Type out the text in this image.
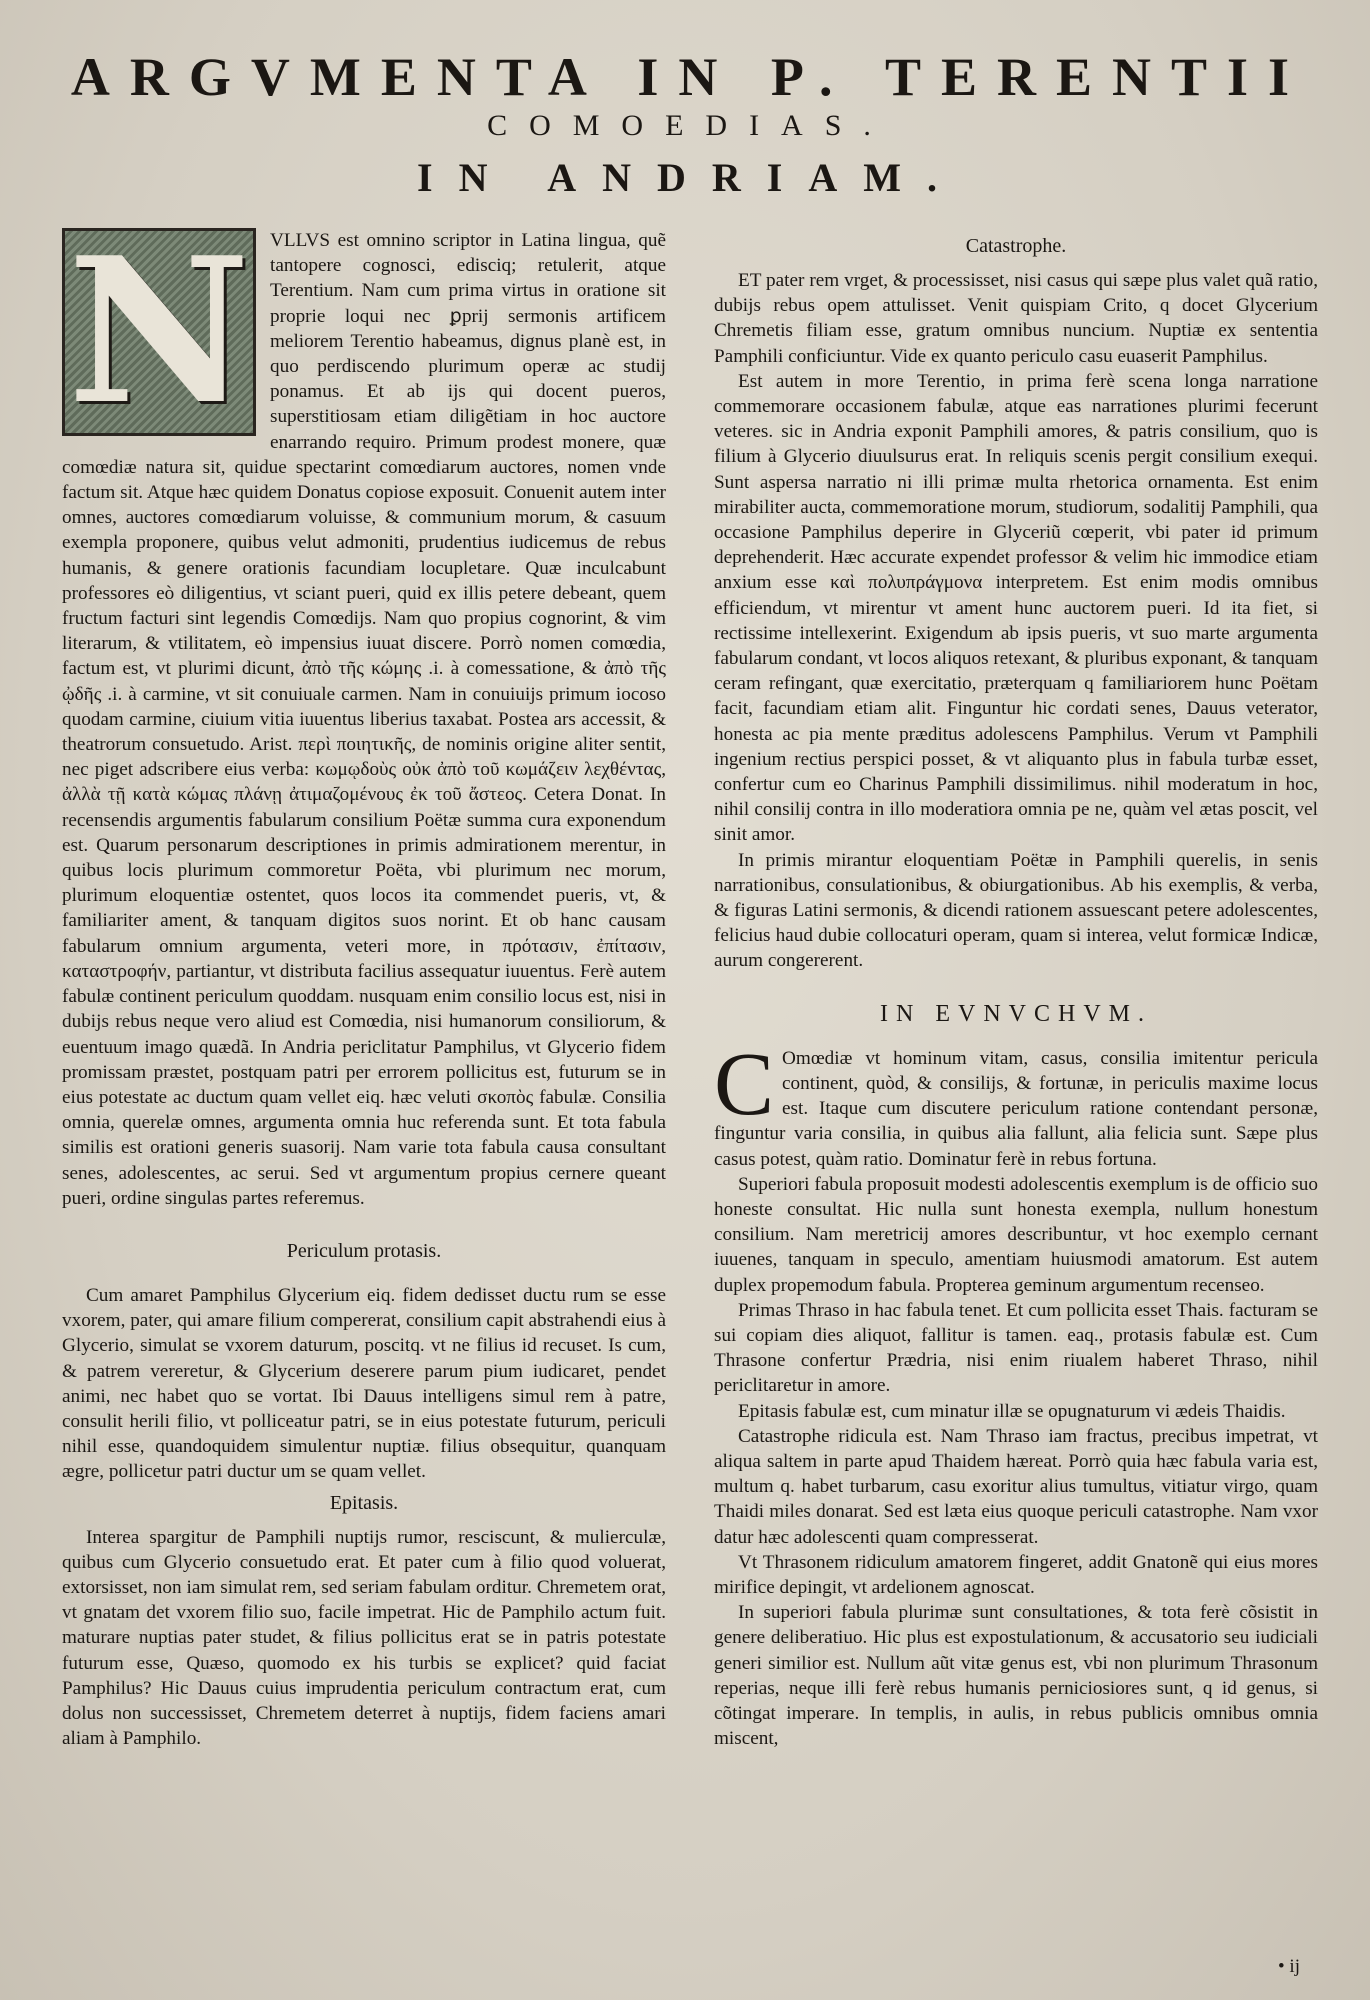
ARGVMENTA IN P. TERENTII
COMOEDIAS.
IN ANDRIAM.
N	VLLVS est omnino scriptor in Latina lingua, quẽ tantopere cognosci, edisciq; retulerit, atque Terentium. Nam cum prima virtus in oratione sit proprie loqui nec ꝑprij sermonis artificem meliorem Terentio habeamus, dignus planè est, in quo perdiscendo plurimum operæ ac studij ponamus. Et ab ijs qui docent pueros, superstitiosam etiam diligẽtiam in hoc auctore enarrando requiro. Primum prodest monere, quæ comœdiæ natura sit, quidue spectarint comœdiarum auctores, nomen vnde factum sit. Atque hæc quidem Donatus copiose exposuit. Conuenit autem inter omnes, auctores comœdiarum voluisse, & communium morum, & casuum exempla proponere, quibus velut admoniti, prudentius iudicemus de rebus humanis, & genere orationis facundiam locupletare. Quæ inculcabunt professores eò diligentius, vt sciant pueri, quid ex illis petere debeant, quem fructum facturi sint legendis Comœdijs. Nam quo propius cognorint, & vim literarum, & vtilitatem, eò impensius iuuat discere. Porrò nomen comœdia, factum est, vt plurimi dicunt, ἀπὸ τῆς κώμης .i. à comessatione, & ἀπὸ τῆς ᾠδῆς .i. à carmine, vt sit conuiuale carmen. Nam in conuiuijs primum iocoso quodam carmine, ciuium vitia iuuentus liberius taxabat. Postea ars accessit, & theatrorum consuetudo. Arist. περὶ ποιητικῆς, de nominis origine aliter sentit, nec piget adscribere eius verba: κωμῳδοὺς οὐκ ἀπὸ τοῦ κωμάζειν λεχθέντας, ἀλλὰ τῇ κατὰ κώμας πλάνῃ ἀτιμαζομένους ἐκ τοῦ ἄστεος. Cetera Donat. In recensendis argumentis fabularum consilium Poëtæ summa cura exponendum est. Quarum personarum descriptiones in primis admirationem merentur, in quibus locis plurimum commoretur Poëta, vbi plurimum nec morum, plurimum eloquentiæ ostentet, quos locos ita commendet pueris, vt, & familiariter ament, & tanquam digitos suos norint. Et ob hanc causam fabularum omnium argumenta, veteri more, in πρότασιν, ἐπίτασιν, καταστροφήν, partiantur, vt distributa facilius assequatur iuuentus. Ferè autem fabulæ continent periculum quoddam. nusquam enim consilio locus est, nisi in dubijs rebus neque vero aliud est Comœdia, nisi humanorum consiliorum, & euentuum imago quædã. In Andria periclitatur Pamphilus, vt Glycerio fidem promissam præstet, postquam patri per errorem pollicitus est, futurum se in eius potestate ac ductum quam vellet eiq. hæc veluti σκοπὸς fabulæ. Consilia omnia, querelæ omnes, argumenta omnia huc referenda sunt. Et tota fabula similis est orationi generis suasorij. Nam varie tota fabula causa consultant senes, adolescentes, ac serui. Sed vt argumentum propius cernere queant pueri, ordine singulas partes referemus.

Periculum protasis.

Cum amaret Pamphilus Glycerium eiq. fidem dedisset ductu rum se esse vxorem, pater, qui amare filium compererat, consilium capit abstrahendi eius à Glycerio, simulat se vxorem daturum, poscitq. vt ne filius id recuset. Is cum, & patrem vereretur, & Glycerium deserere parum pium iudicaret, pendet animi, nec habet quo se vortat. Ibi Dauus intelligens simul rem à patre, consulit herili filio, vt polliceatur patri, se in eius potestate futurum, periculi nihil esse, quandoquidem simulentur nuptiæ. filius obsequitur, quanquam ægre, pollicetur patri ductur um se quam vellet.

Epitasis.

Interea spargitur de Pamphili nuptijs rumor, resciscunt, & mulierculæ, quibus cum Glycerio consuetudo erat. Et pater cum à filio quod voluerat, extorsisset, non iam simulat rem, sed seriam fabulam orditur. Chremetem orat, vt gnatam det vxorem filio suo, facile impetrat. Hic de Pamphilo actum fuit. maturare nuptias pater studet, & filius pollicitus erat se in patris potestate futurum esse, Quæso, quomodo ex his turbis se explicet? quid faciat Pamphilus? Hic Dauus cuius imprudentia periculum contractum erat, cum dolus non successisset, Chremetem deterret à nuptijs, fidem faciens amari aliam à Pamphilo.

Catastrophe.

ET pater rem vrget, & processisset, nisi casus qui sæpe plus valet quã ratio, dubijs rebus opem attulisset. Venit quispiam Crito, q docet Glycerium Chremetis filiam esse, gratum omnibus nuncium. Nuptiæ ex sententia Pamphili conficiuntur. Vide ex quanto periculo casu euaserit Pamphilus.

Est autem in more Terentio, in prima ferè scena longa narratione commemorare occasionem fabulæ, atque eas narrationes plurimi fecerunt veteres. sic in Andria exponit Pamphili amores, & patris consilium, quo is filium à Glycerio diuulsurus erat. In reliquis scenis pergit consilium exequi. Sunt aspersa narratio ni illi primæ multa rhetorica ornamenta. Est enim mirabiliter aucta, commemoratione morum, studiorum, sodalitij Pamphili, qua occasione Pamphilus deperire in Glyceriũ cœperit, vbi pater id primum deprehenderit. Hæc accurate expendet professor & velim hic immodice etiam anxium esse καὶ πολυπράγμονα interpretem. Est enim modis omnibus efficiendum, vt mirentur vt ament hunc auctorem pueri. Id ita fiet, si rectissime intellexerint. Exigendum ab ipsis pueris, vt suo marte argumenta fabularum condant, vt locos aliquos retexant, & pluribus exponant, & tanquam ceram refingant, quæ exercitatio, præterquam q familiariorem hunc Poëtam facit, facundiam etiam alit. Finguntur hic cordati senes, Dauus veterator, honesta ac pia mente præditus adolescens Pamphilus. Verum vt Pamphili ingenium rectius perspici posset, & vt aliquanto plus in fabula turbæ esset, confertur cum eo Charinus Pamphili dissimilimus. nihil moderatum in hoc, nihil consilij contra in illo moderatiora omnia pe ne, quàm vel ætas poscit, vel sinit amor.

In primis mirantur eloquentiam Poëtæ in Pamphili querelis, in senis narrationibus, consulationibus, & obiurgationibus. Ab his exemplis, & verba, & figuras Latini sermonis, & dicendi rationem assuescant petere adolescentes, felicius haud dubie collocaturi operam, quam si interea, velut formicæ Indicæ, aurum congererent.

IN EVNVCHVM.

C Omœdiæ vt hominum vitam, casus, consilia imitentur pericula continent, quòd, & consilijs, & fortunæ, in periculis maxime locus est. Itaque cum discutere periculum ratione contendant personæ, finguntur varia consilia, in quibus alia fallunt, alia felicia sunt. Sæpe plus casus potest, quàm ratio. Dominatur ferè in rebus fortuna.

Superiori fabula proposuit modesti adolescentis exemplum is de officio suo honeste consultat. Hic nulla sunt honesta exempla, nullum honestum consilium. Nam meretricij amores describuntur, vt hoc exemplo cernant iuuenes, tanquam in speculo, amentiam huiusmodi amatorum. Est autem duplex propemodum fabula. Propterea geminum argumentum recenseo.

Primas Thraso in hac fabula tenet. Et cum pollicita esset Thais. facturam se sui copiam dies aliquot, fallitur is tamen. eaq., protasis fabulæ est. Cum Thrasone confertur Prædria, nisi enim riualem haberet Thraso, nihil periclitaretur in amore.

Epitasis fabulæ est, cum minatur illæ se opugnaturum vi ædeis Thaidis.

Catastrophe ridicula est. Nam Thraso iam fractus, precibus impetrat, vt aliqua saltem in parte apud Thaidem hæreat. Porrò quia hæc fabula varia est, multum q. habet turbarum, casu exoritur alius tumultus, vitiatur virgo, quam Thaidi miles donarat. Sed est læta eius quoque periculi catastrophe. Nam vxor datur hæc adolescenti quam compresserat.

Vt Thrasonem ridiculum amatorem fingeret, addit Gnatonẽ qui eius mores mirifice depingit, vt ardelionem agnoscat.

In superiori fabula plurimæ sunt consultationes, & tota ferè cõsistit in genere deliberatiuo. Hic plus est expostulationum, & accusatorio seu iudiciali generi similior est. Nullum aũt vitæ genus est, vbi non plurimum Thrasonum reperias, neque illi ferè rebus humanis perniciosiores sunt, q id genus, si cõtingat imperare. In templis, in aulis, in rebus publicis omnibus omnia miscent,

• ij
